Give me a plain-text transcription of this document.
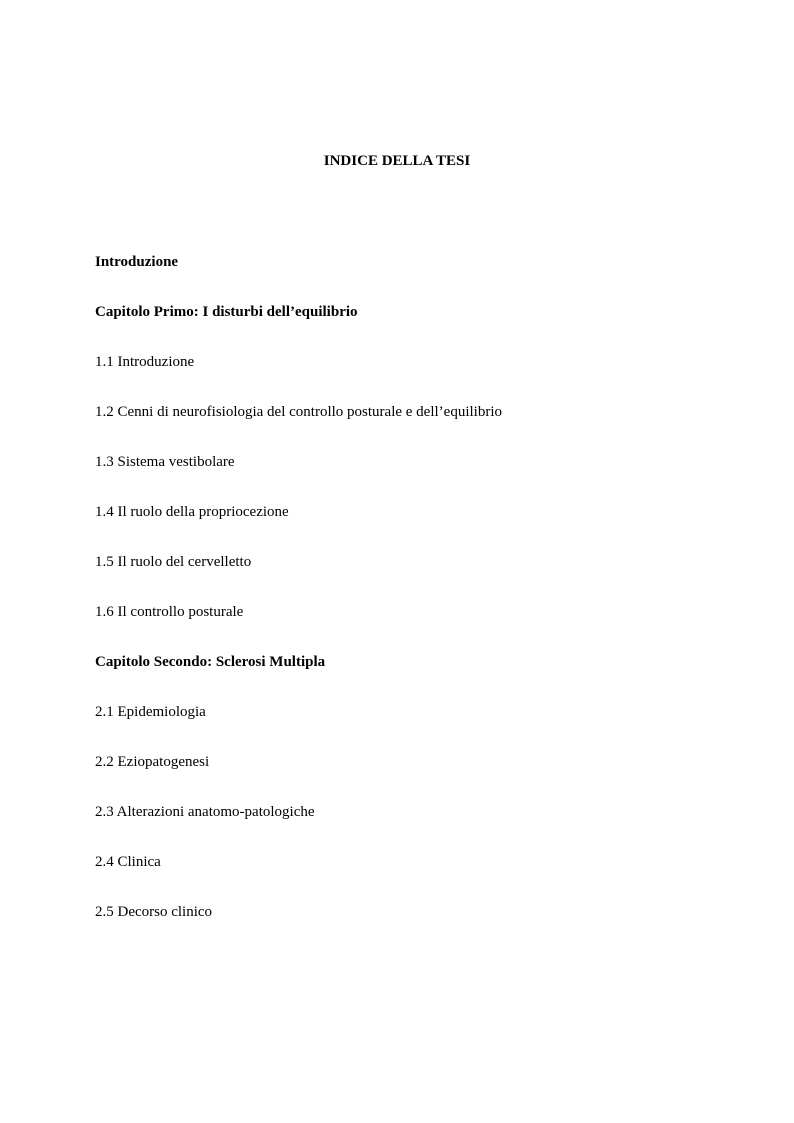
INDICE DELLA TESI
Introduzione
Capitolo Primo: I disturbi dell’equilibrio
1.1 Introduzione
1.2 Cenni di neurofisiologia del controllo posturale e dell’equilibrio
1.3 Sistema vestibolare
1.4 Il ruolo della propriocezione
1.5 Il ruolo del cervelletto
1.6 Il controllo posturale
Capitolo Secondo: Sclerosi Multipla
2.1 Epidemiologia
2.2 Eziopatogenesi
2.3 Alterazioni anatomo-patologiche
2.4 Clinica
2.5 Decorso clinico
